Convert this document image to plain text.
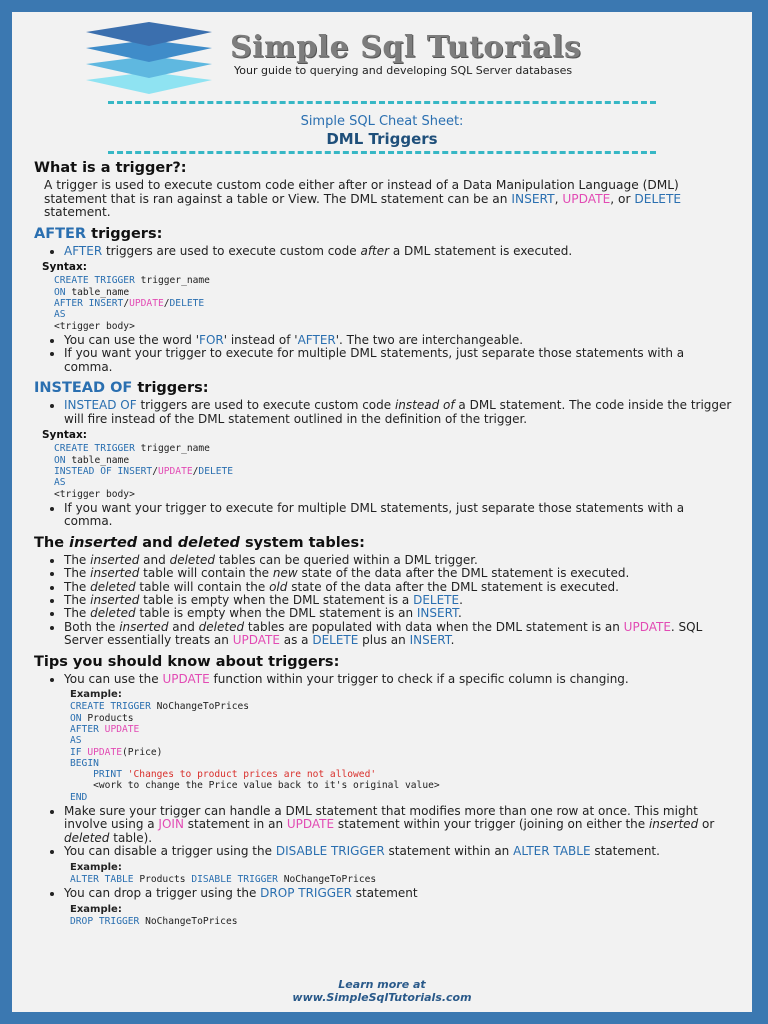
Simple Sql Tutorials
Your guide to querying and developing SQL Server databases
Simple SQL Cheat Sheet:
DML Triggers
What is a trigger?:

A trigger is used to execute custom code either after or instead of a Data Manipulation Language (DML) statement that is ran against a table or View. The DML statement can be an INSERT, UPDATE, or DELETE statement.

AFTER triggers:
• AFTER triggers are used to execute custom code after a DML statement is executed.
Syntax:
CREATE TRIGGER trigger_name
ON table_name
AFTER INSERT/UPDATE/DELETE
AS
<trigger body>
• You can use the word 'FOR' instead of 'AFTER'. The two are interchangeable.
• If you want your trigger to execute for multiple DML statements, just separate those statements with a comma.
INSTEAD OF triggers:
• INSTEAD OF triggers are used to execute custom code instead of a DML statement. The code inside the trigger will fire instead of the DML statement outlined in the definition of the trigger.
Syntax:
CREATE TRIGGER trigger_name
ON table_name
INSTEAD OF INSERT/UPDATE/DELETE
AS
<trigger body>
• If you want your trigger to execute for multiple DML statements, just separate those statements with a comma.
The inserted and deleted system tables:
• The inserted and deleted tables can be queried within a DML trigger.
• The inserted table will contain the new state of the data after the DML statement is executed.
• The deleted table will contain the old state of the data after the DML statement is executed.
• The inserted table is empty when the DML statement is a DELETE.
• The deleted table is empty when the DML statement is an INSERT.
• Both the inserted and deleted tables are populated with data when the DML statement is an UPDATE. SQL Server essentially treats an UPDATE as a DELETE plus an INSERT.
Tips you should know about triggers:
• You can use the UPDATE function within your trigger to check if a specific column is changing.
Example:
CREATE TRIGGER NoChangeToPrices
ON Products
AFTER UPDATE
AS
IF UPDATE(Price)
BEGIN
PRINT 'Changes to product prices are not allowed'
<work to change the Price value back to it's original value>
END
• Make sure your trigger can handle a DML statement that modifies more than one row at once. This might involve using a JOIN statement in an UPDATE statement within your trigger (joining on either the inserted or deleted table).
• You can disable a trigger using the DISABLE TRIGGER statement within an ALTER TABLE statement.
Example:
ALTER TABLE Products DISABLE TRIGGER NoChangeToPrices
• You can drop a trigger using the DROP TRIGGER statement
Example:
DROP TRIGGER NoChangeToPrices
Learn more at
www.SimpleSqlTutorials.com
